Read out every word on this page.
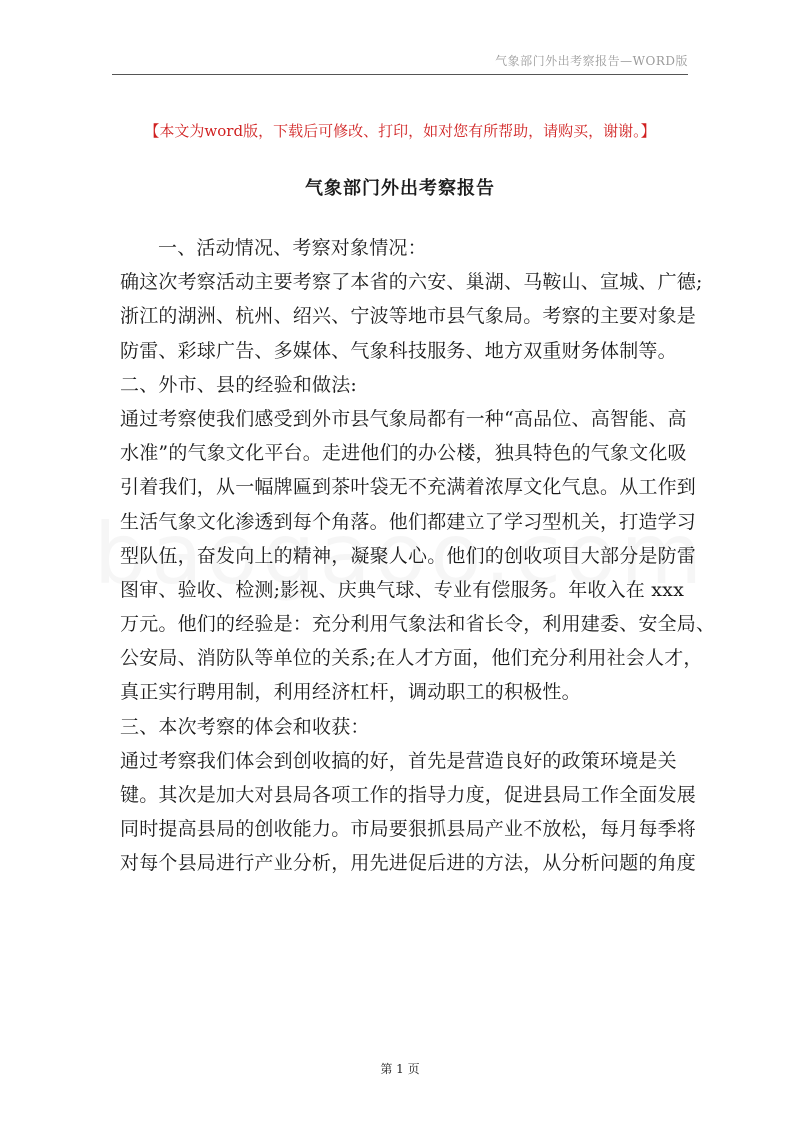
气象部门外出考察报告—WORD版
【本文为word版，下载后可修改、打印，如对您有所帮助，请购买，谢谢。】
气象部门外出考察报告
一、活动情况、考察对象情况：
确这次考察活动主要考察了本省的六安、巢湖、马鞍山、宣城、广德;
浙江的湖洲、杭州、绍兴、宁波等地市县气象局。考察的主要对象是
防雷、彩球广告、多媒体、气象科技服务、地方双重财务体制等。
二、外市、县的经验和做法:
通过考察使我们感受到外市县气象局都有一种“高品位、高智能、高
水准”的气象文化平台。走进他们的办公楼，独具特色的气象文化吸
引着我们，从一幅牌匾到茶叶袋无不充满着浓厚文化气息。从工作到
生活气象文化渗透到每个角落。他们都建立了学习型机关，打造学习
型队伍，奋发向上的精神，凝聚人心。他们的创收项目大部分是防雷
图审、验收、检测;影视、庆典气球、专业有偿服务。年收入在 xxx
万元。他们的经验是：充分利用气象法和省长令，利用建委、安全局、
公安局、消防队等单位的关系;在人才方面，他们充分利用社会人才，
真正实行聘用制，利用经济杠杆，调动职工的积极性。
三、本次考察的体会和收获：
通过考察我们体会到创收搞的好，首先是营造良好的政策环境是关
键。其次是加大对县局各项工作的指导力度，促进县局工作全面发展
同时提高县局的创收能力。市局要狠抓县局产业不放松，每月每季将
对每个县局进行产业分析，用先进促后进的方法，从分析问题的角度
第 1 页
